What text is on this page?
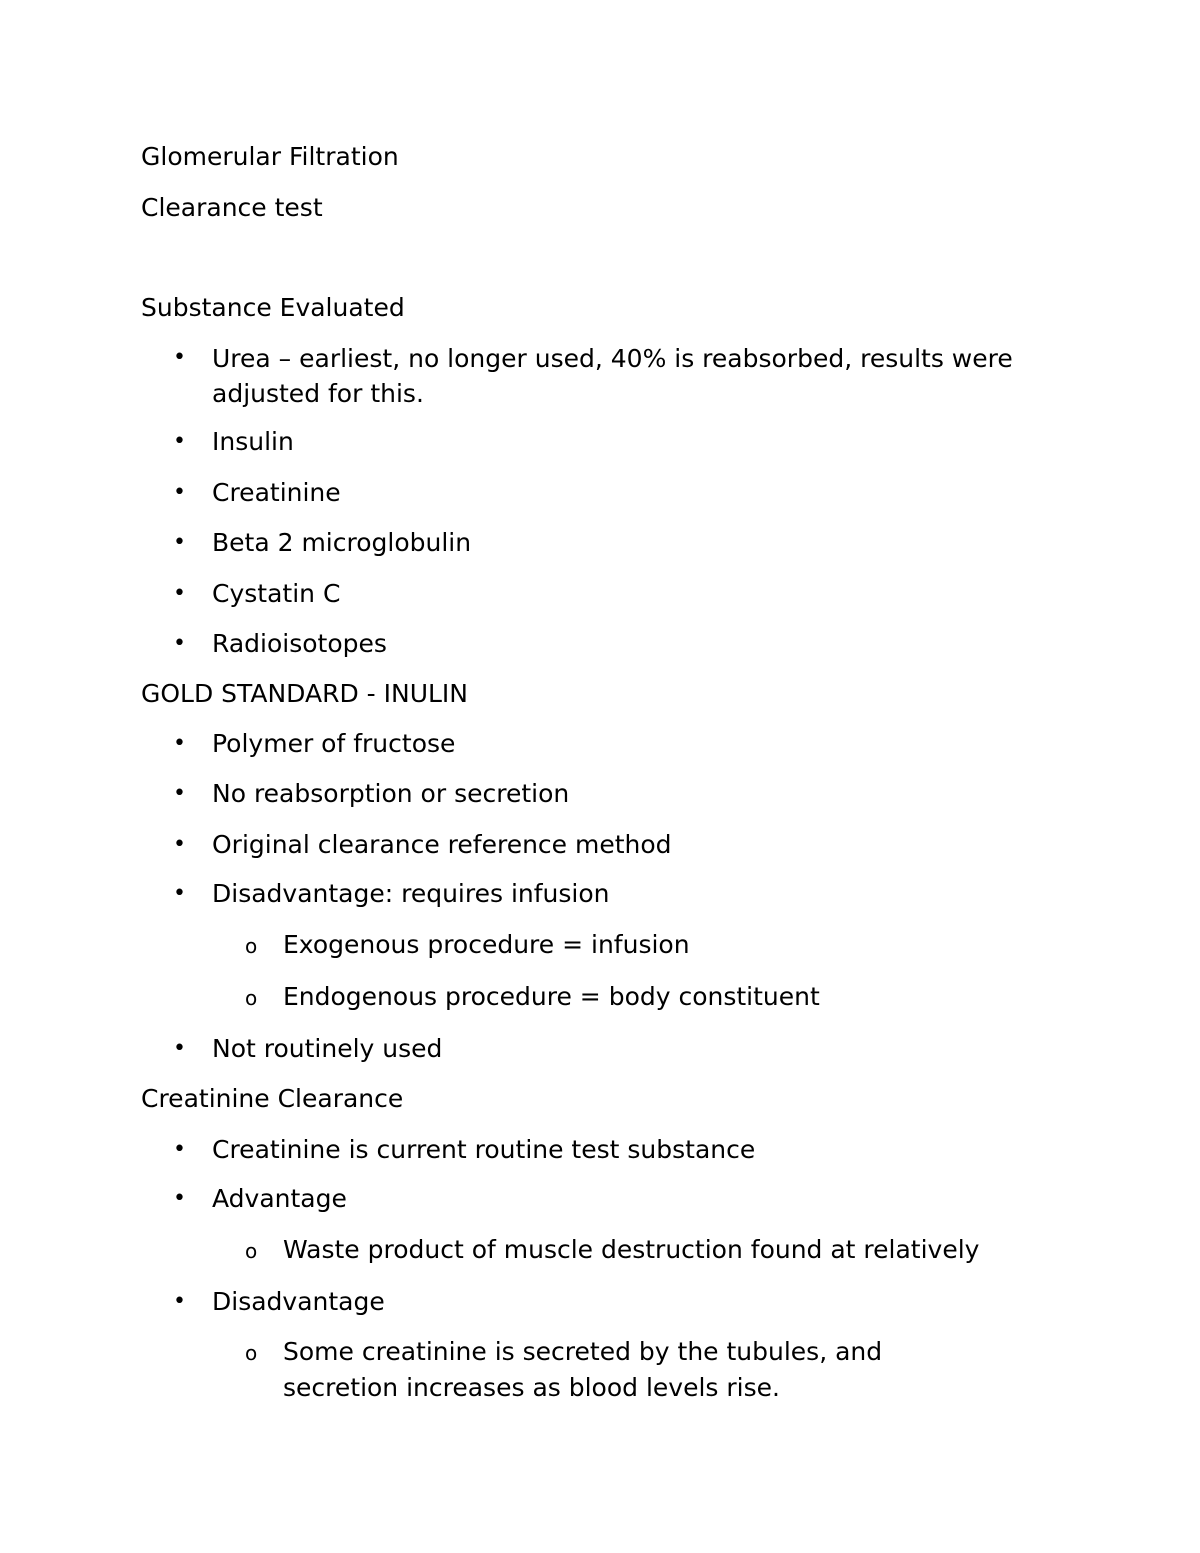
Glomerular Filtration
Clearance test
Substance Evaluated
• Urea – earliest, no longer used, 40% is reabsorbed, results were adjusted for this.
• Insulin
• Creatinine
• Beta 2 microglobulin
• Cystatin C
• Radioisotopes
GOLD STANDARD - INULIN
• Polymer of fructose
• No reabsorption or secretion
• Original clearance reference method
• Disadvantage: requires infusion
o Exogenous procedure = infusion
o Endogenous procedure = body constituent
• Not routinely used
Creatinine Clearance
• Creatinine is current routine test substance
• Advantage
o Waste product of muscle destruction found at relatively
• Disadvantage
o Some creatinine is secreted by the tubules, and secretion increases as blood levels rise.
